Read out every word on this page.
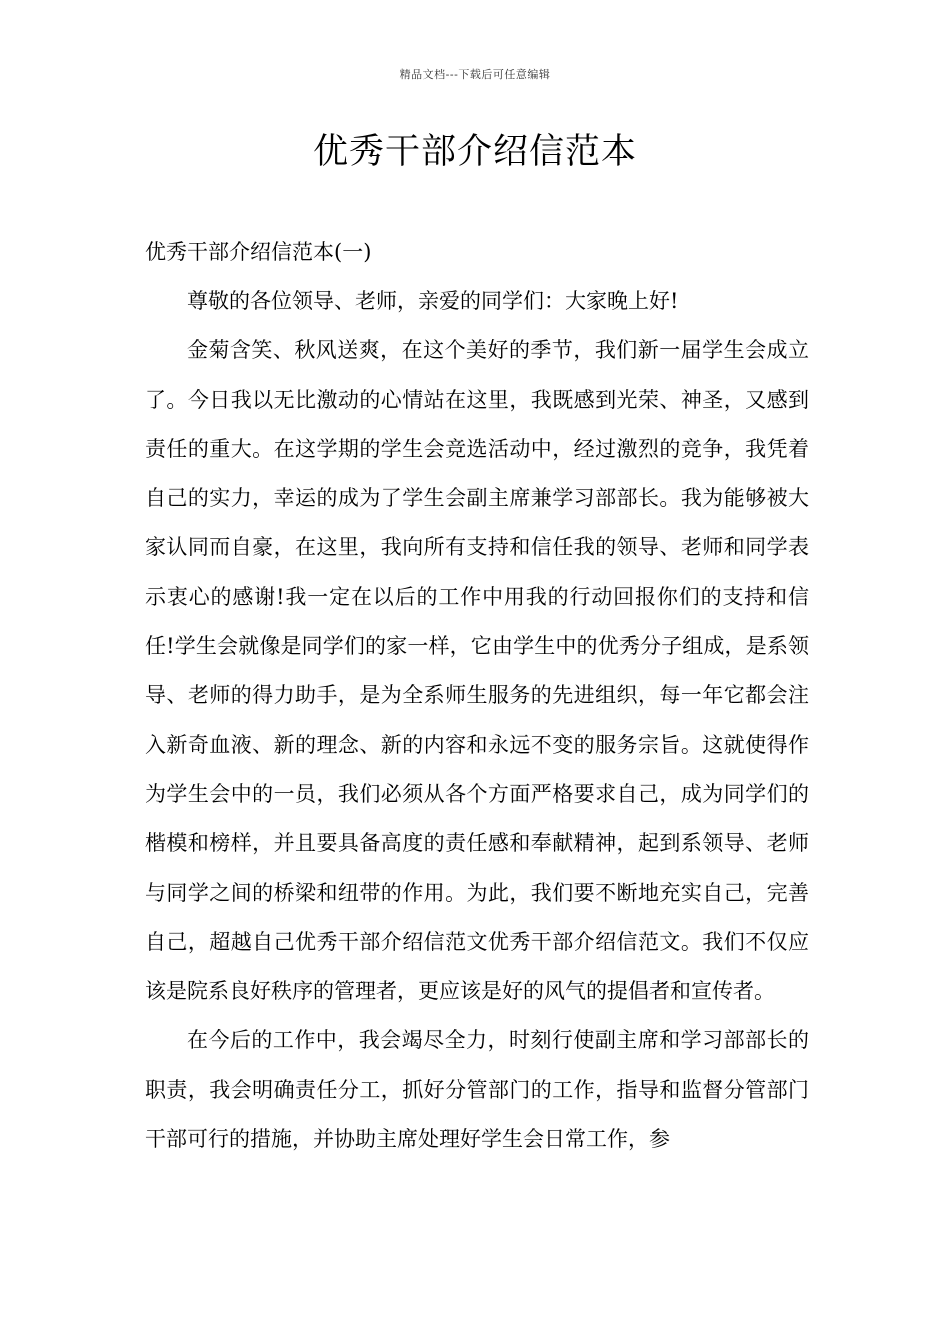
精品文档---下载后可任意编辑
优秀干部介绍信范本

优秀干部介绍信范本(一)

尊敬的各位领导、老师，亲爱的同学们：大家晚上好!

金菊含笑、秋风送爽，在这个美好的季节，我们新一届学生会成立了。今日我以无比激动的心情站在这里，我既感到光荣、神圣，又感到责任的重大。在这学期的学生会竞选活动中，经过激烈的竞争，我凭着自己的实力，幸运的成为了学生会副主席兼学习部部长。我为能够被大家认同而自豪，在这里，我向所有支持和信任我的领导、老师和同学表示衷心的感谢!我一定在以后的工作中用我的行动回报你们的支持和信任!学生会就像是同学们的家一样，它由学生中的优秀分子组成，是系领导、老师的得力助手，是为全系师生服务的先进组织，每一年它都会注入新奇血液、新的理念、新的内容和永远不变的服务宗旨。这就使得作为学生会中的一员，我们必须从各个方面严格要求自己，成为同学们的楷模和榜样，并且要具备高度的责任感和奉献精神，起到系领导、老师与同学之间的桥梁和纽带的作用。为此，我们要不断地充实自己，完善自己，超越自己优秀干部介绍信范文优秀干部介绍信范文。我们不仅应该是院系良好秩序的管理者，更应该是好的风气的提倡者和宣传者。

在今后的工作中，我会竭尽全力，时刻行使副主席和学习部部长的职责，我会明确责任分工，抓好分管部门的工作，指导和监督分管部门干部可行的措施，并协助主席处理好学生会日常工作，参
